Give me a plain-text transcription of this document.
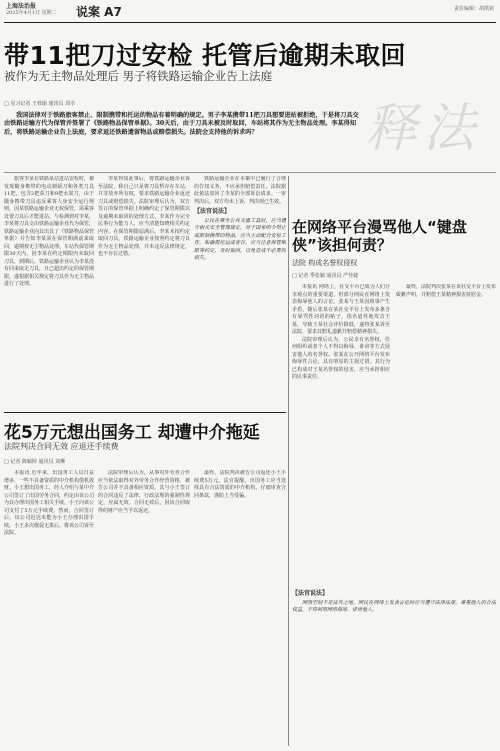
上海法治报
2025年4月1日 星期二 说案 A7	责任编辑：胡凯铭
带11把刀过安检 托管后逾期未取回
被作为无主物品处理后 男子将铁路运输企业告上法庭
释法
□ 见习记者 王蓉瑜 通讯员 周幸
我国法律对于铁路旅客禁止、限制携带和托运的物品有着明确的规定。男子李某携带11把刀具想要进站被拒绝，于是将刀具交由铁路运输方代为保管并签署了《铁路物品保管单据》。30天后，由于刀具未被及时取回，车站将其作为无主物品处理。李某得知后，将铁路运输企业告上法庭，要求返还铁路遗留物品或赔偿损失。法院会支持他的诉求吗？

旅客李某在铁路某站进站安检时，被发现随身携带的电动剃须刀和各类刀具11把，包含2把菜刀和9把水果刀，由于随身携带刀具违反乘客人身安全运行规则，因某铁路运输企业无权保管，需乘客处置刀具后才能进站。与检测到对李某，李某将刀具交由铁路运输企业代为保管，铁路运输企业向其出具了《铁路物品保管单据》并告知李某需在保管期满前来取回，逾期按无主物品处理。车站代保管期限30天内，因李某在约定期限内未取回刀具，到期后，铁路运输企业认为李某没有回来取走刀具，且已超出约定的保管期限，遂根据相关规定将刀具作为无主物品进行了处理。

李某得知此事后，将铁路运输企业诉至法院，称自己只是将刀具暂存在车站，并非放弃所有权，要求铁路运输企业返还刀具或赔偿损失。法院审理后认为，双方签订的保管单据上明确约定了保管期限以及逾期未取回的处理方式，李某作为完全民事行为能力人，应当清楚知晓相关约定内容。在保管期限届满后，李某未按约定取回刀具，铁路运输企业按照约定将刀具作为无主物品处理，并未违反法律规定，也不存在过错。

铁路运输企业在本案中已履行了合理的告知义务，不应承担赔偿责任。法院据此依法驳回了李某的全部诉讼请求。一审判决后，双方均未上诉，判决现已生效。

【法官说法】

公民在乘坐公共交通工具时，应当遵守相关安全管理规定，对于国家明令禁止或限制携带的物品，应当主动配合安检工作。如确需托运或寄存，应当注意保管期限等约定，及时取回，以免造成不必要的损失。

花5万元想出国务工 却遭中介拖延
法院判决合同无效 应退还手续费
□ 记者 陈颖婷 通讯员 刘琳

本报讯 近年来，出国务工人员日益增多，一些不具备资质的中介机构借机敛财。小王想出国务工，经人介绍与某中介公司签订了出国劳务合同，约定由该公司为其办理出国务工相关手续，小王向该公司支付了5万元手续费。然而，合同签订后，该公司迟迟未能为小王办理出国手续。小王多次催促无果后，将该公司诉至法院。

法院审理后认为，从事对外劳务合作应当依法取得对外劳务合作经营资格，被告公司并不具备相应资质，其与小王签订的合同违反了法律、行政法规的强制性规定，应属无效。合同无效后，因该合同取得的财产应当予以返还。

最终，法院判决被告公司返还小王手续费5万元。法官提醒，出国务工应当选择具有合法资质的中介机构，仔细审查合同条款，谨防上当受骗。

在网络平台漫骂他人“键盘侠”该担何责？
法院 构成名誉权侵权
□ 记者 季张颖 通讯员 严佳婕

本报讯 网络上，社交平台已成为人们分享观点的重要渠道，但部分网民在网络上发表侮辱他人的言论。张某与王某因琐事产生矛盾，随后张某在某社交平台上发布多条含有辱骂性词语的帖子，指名道姓地攻击王某，导致王某社会评价降低，遂将张某诉至法院，要求其赔礼道歉并赔偿精神损失。

法院审理后认为，公民享有名誉权，任何组织或者个人不得以侮辱、诽谤等方式侵害他人的名誉权。张某在公开网络平台发布侮辱性言论，具有明显的主观过错，其行为已构成对王某名誉权的侵害，应当承担相应的民事责任。

最终，法院判决张某在该社交平台上发布致歉声明，并赔偿王某精神损害抚慰金。

【法官说法】

网络空间不是法外之地。网民在网络上发表言论时应当遵守法律法规，尊重他人的合法权益，不得利用网络侮辱、诽谤他人。
